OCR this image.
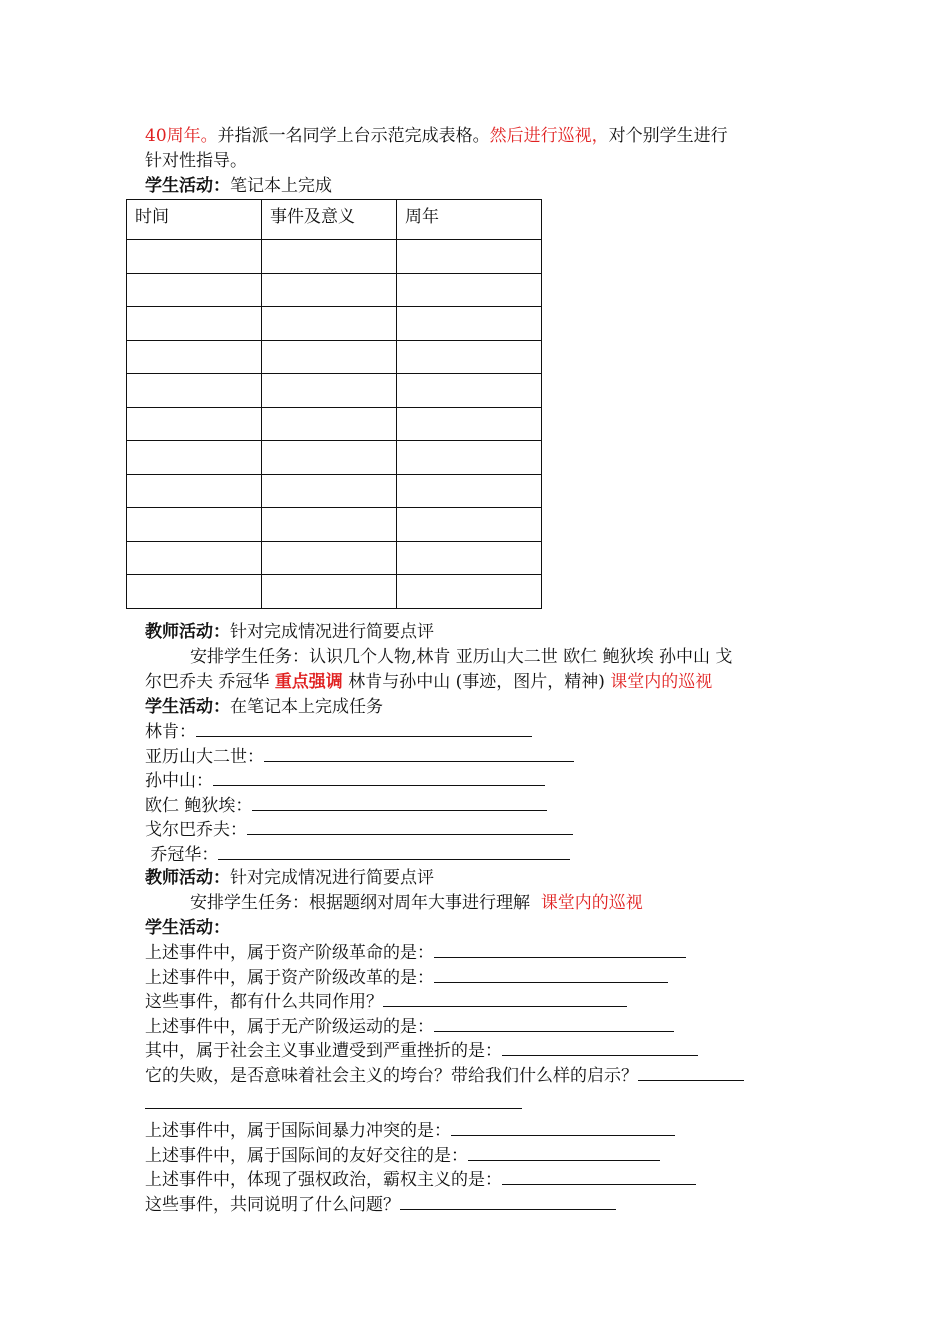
40周年。并指派一名同学上台示范完成表格。然后进行巡视，对个别学生进行
针对性指导。
学生活动：笔记本上完成
时间	事件及意义	周年

教师活动：针对完成情况进行简要点评
安排学生任务：认识几个人物,林肯 亚历山大二世 欧仁 鲍狄埃 孙中山 戈
尔巴乔夫 乔冠华 重点强调 林肯与孙中山 (事迹，图片，精神) 课堂内的巡视
学生活动：在笔记本上完成任务
林肯：
亚历山大二世：
孙中山：
欧仁 鲍狄埃：
戈尔巴乔夫：
乔冠华：
教师活动：针对完成情况进行简要点评
安排学生任务：根据题纲对周年大事进行理解  课堂内的巡视
学生活动：
上述事件中，属于资产阶级革命的是：
上述事件中，属于资产阶级改革的是：
这些事件，都有什么共同作用？
上述事件中，属于无产阶级运动的是：
其中，属于社会主义事业遭受到严重挫折的是：
它的失败，是否意味着社会主义的垮台？带给我们什么样的启示？
上述事件中，属于国际间暴力冲突的是：
上述事件中，属于国际间的友好交往的是：
上述事件中，体现了强权政治，霸权主义的是：
这些事件，共同说明了什么问题？
